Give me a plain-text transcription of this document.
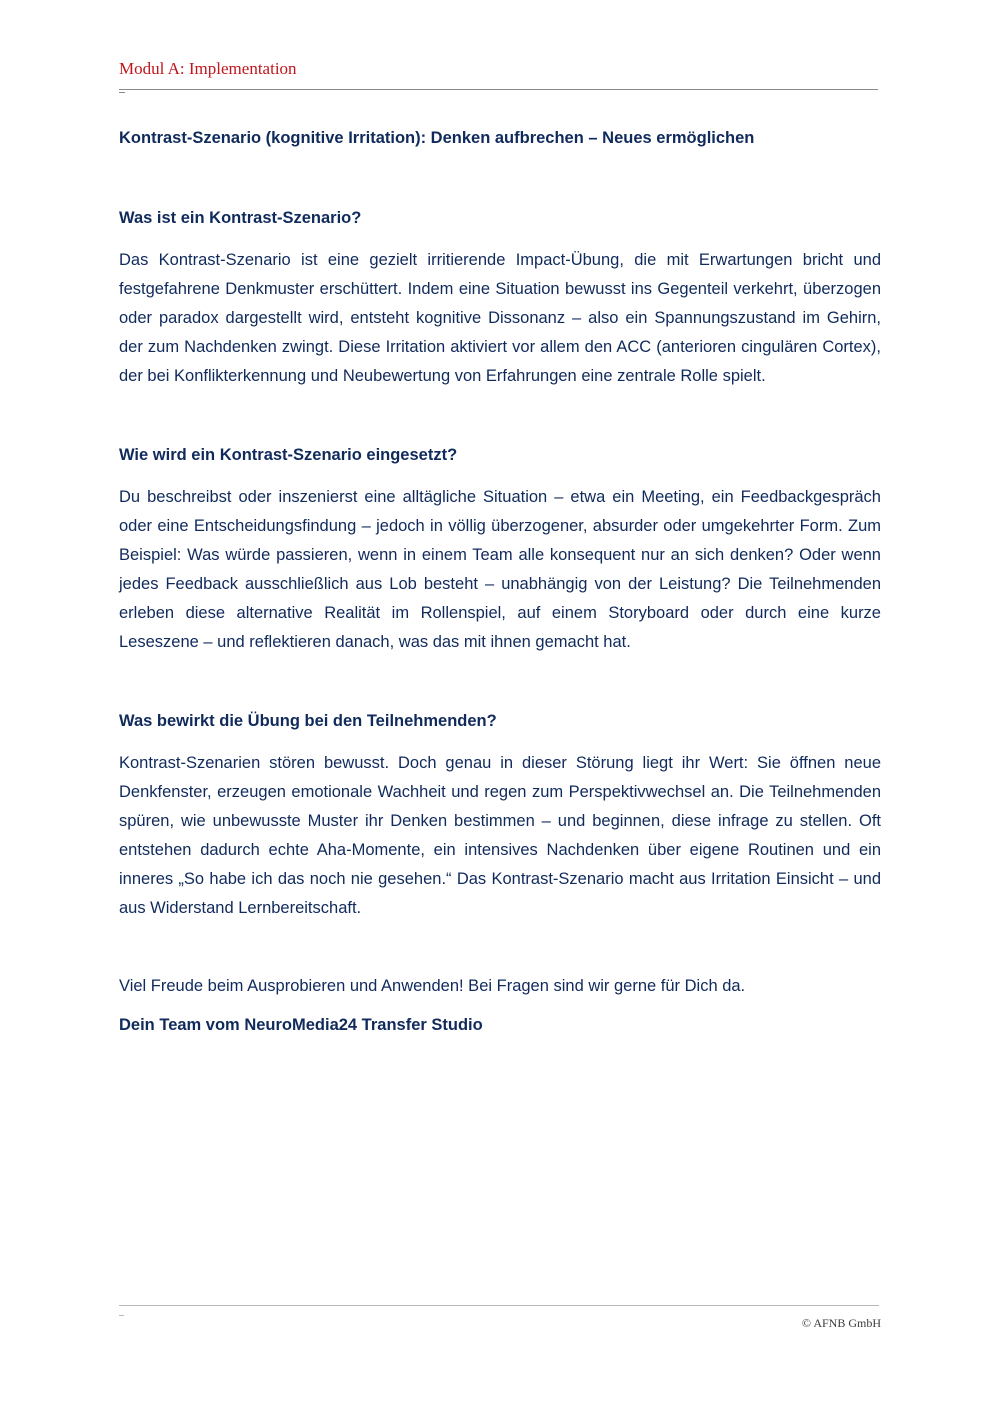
Modul A: Implementation

Kontrast-Szenario (kognitive Irritation): Denken aufbrechen – Neues ermöglichen

Was ist ein Kontrast-Szenario?

Das Kontrast-Szenario ist eine gezielt irritierende Impact-Übung, die mit Erwartungen bricht und festgefahrene Denkmuster erschüttert. Indem eine Situation bewusst ins Gegenteil verkehrt, überzogen oder paradox dargestellt wird, entsteht kognitive Dissonanz – also ein Spannungszustand im Gehirn, der zum Nachdenken zwingt. Diese Irritation aktiviert vor allem den ACC (anterioren cingulären Cortex), der bei Konflikterkennung und Neubewertung von Erfahrungen eine zentrale Rolle spielt.

Wie wird ein Kontrast-Szenario eingesetzt?

Du beschreibst oder inszenierst eine alltägliche Situation – etwa ein Meeting, ein Feedbackgespräch oder eine Entscheidungsfindung – jedoch in völlig überzogener, absurder oder umgekehrter Form. Zum Beispiel: Was würde passieren, wenn in einem Team alle konsequent nur an sich denken? Oder wenn jedes Feedback ausschließlich aus Lob besteht – unabhängig von der Leistung? Die Teilnehmenden erleben diese alternative Realität im Rollenspiel, auf einem Storyboard oder durch eine kurze Leseszene – und reflektieren danach, was das mit ihnen gemacht hat.

Was bewirkt die Übung bei den Teilnehmenden?

Kontrast-Szenarien stören bewusst. Doch genau in dieser Störung liegt ihr Wert: Sie öffnen neue Denkfenster, erzeugen emotionale Wachheit und regen zum Perspektivwechsel an. Die Teilnehmenden spüren, wie unbewusste Muster ihr Denken bestimmen – und beginnen, diese infrage zu stellen. Oft entstehen dadurch echte Aha-Momente, ein intensives Nachdenken über eigene Routinen und ein inneres „So habe ich das noch nie gesehen.“ Das Kontrast-Szenario macht aus Irritation Einsicht – und aus Widerstand Lernbereitschaft.

Viel Freude beim Ausprobieren und Anwenden! Bei Fragen sind wir gerne für Dich da.

Dein Team vom NeuroMedia24 Transfer Studio

© AFNB GmbH
